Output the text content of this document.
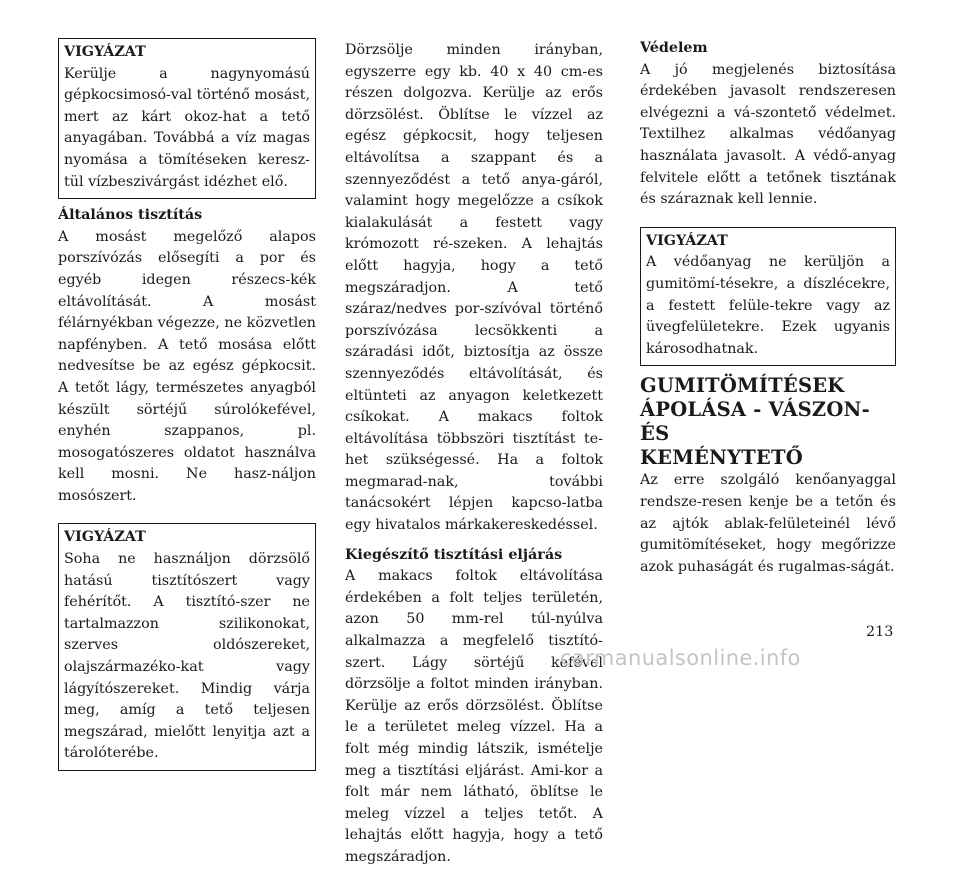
VIGYÁZAT

Kerülje a nagynyomású gépkocsimosó-val történő mosást, mert az kárt okoz-hat a tető anyagában. Továbbá a víz magas nyomása a tömítéseken keresz-tül vízbeszivárgást idézhet elő.

Általános tisztítás

A mosást megelőző alapos porszívózás elősegíti a por és egyéb idegen részecs-kék eltávolítását. A mosást félárnyékban végezze, ne közvetlen napfényben. A tető mosása előtt nedvesítse be az egész gépkocsit. A tetőt lágy, természetes anyagból készült sörtéjű súrolókefével, enyhén szappanos, pl. mosogatószeres oldatot használva kell mosni. Ne hasz-náljon mosószert.

VIGYÁZAT

Soha ne használjon dörzsölő hatású tisztítószert vagy fehérítőt. A tisztító-szer ne tartalmazzon szilikonokat, szerves oldószereket, olajszármazéko-kat vagy lágyítószereket. Mindig várja meg, amíg a tető teljesen megszárad, mielőtt lenyitja azt a tárolóterébe.

Dörzsölje minden irányban, egyszerre egy kb. 40 x 40 cm-es részen dolgozva. Kerülje az erős dörzsölést. Öblítse le vízzel az egész gépkocsit, hogy teljesen eltávolítsa a szappant és a szennyeződést a tető anya-gáról, valamint hogy megelőzze a csíkok kialakulását a festett vagy krómozott ré-szeken. A lehajtás előtt hagyja, hogy a tető megszáradjon. A tető száraz/nedves por-szívóval történő porszívózása lecsökkenti a száradási időt, biztosítja az össze szennyeződés eltávolítását, és eltünteti az anyagon keletkezett csíkokat. A makacs foltok eltávolítása többszöri tisztítást te-het szükségessé. Ha a foltok megmarad-nak, további tanácsokért lépjen kapcso-latba egy hivatalos márkakereskedéssel.

Kiegészítő tisztítási eljárás

A makacs foltok eltávolítása érdekében a folt teljes területén, azon 50 mm-rel túl-nyúlva alkalmazza a megfelelő tisztító-szert. Lágy sörtéjű kefével dörzsölje a foltot minden irányban. Kerülje az erős dörzsölést. Öblítse le a területet meleg vízzel. Ha a folt még mindig látszik, ismételje meg a tisztítási eljárást. Ami-kor a folt már nem látható, öblítse le meleg vízzel a teljes tetőt. A lehajtás előtt hagyja, hogy a tető megszáradjon.

Védelem

A jó megjelenés biztosítása érdekében javasolt rendszeresen elvégezni a vá-szontető védelmet. Textilhez alkalmas védőanyag használata javasolt. A védő-anyag felvitele előtt a tetőnek tisztának és száraznak kell lennie.

VIGYÁZAT

A védőanyag ne kerüljön a gumitömí-tésekre, a díszlécekre, a festett felüle-tekre vagy az üvegfelületekre. Ezek ugyanis károsodhatnak.

GUMITÖMÍTÉSEK
ÁPOLÁSA - VÁSZON- ÉS
KEMÉNYTETŐ

Az erre szolgáló kenőanyaggal rendsze-resen kenje be a tetőn és az ajtók ablak-felületeinél lévő gumitömítéseket, hogy megőrizze azok puhaságát és rugalmas-ságát.

213
carmanualsonline.info
